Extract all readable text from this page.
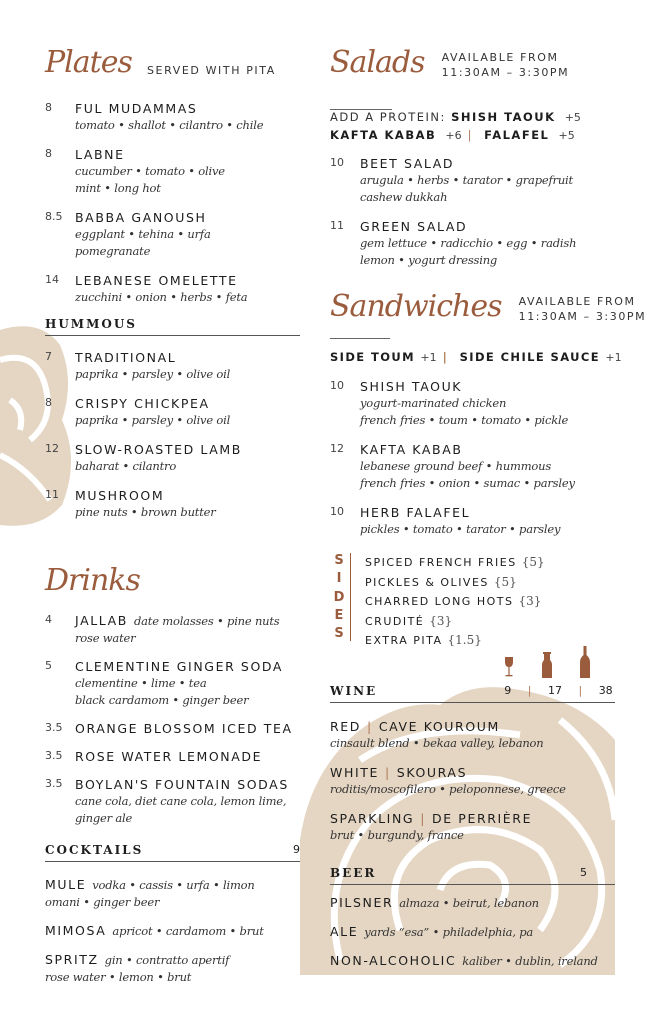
Plates SERVED WITH PITA
8	FUL MUDAMMAS
tomato • shallot • cilantro • chile
8	LABNE
cucumber • tomato • olive
mint • long hot
8.5	BABBA GANOUSH
eggplant • tehina • urfa
pomegranate
14	LEBANESE OMELETTE
zucchini • onion • herbs • feta
HUMMOUS
7	TRADITIONAL
paprika • parsley • olive oil
8	CRISPY CHICKPEA
paprika • parsley • olive oil
12	SLOW-ROASTED LAMB
baharat • cilantro
11	MUSHROOM
pine nuts • brown butter
Drinks
4	JALLAB date molasses • pine nuts
rose water
5	CLEMENTINE GINGER SODA
clementine • lime • tea
black cardamom • ginger beer
3.5	ORANGE BLOSSOM ICED TEA
3.5	ROSE WATER LEMONADE
3.5	BOYLAN'S FOUNTAIN SODAS
cane cola, diet cane cola, lemon lime,
ginger ale
COCKTAILS	9
MULE vodka • cassis • urfa • limon
omani • ginger beer
MIMOSA apricot • cardamom • brut
SPRITZ gin • contratto apertif
rose water • lemon • brut
Salads AVAILABLE FROM
11:30AM – 3:30PM
ADD A PROTEIN: SHISH TAOUK +5
KAFTA KABAB +6 | FALAFEL +5
10	BEET SALAD
arugula • herbs • tarator • grapefruit
cashew dukkah
11	GREEN SALAD
gem lettuce • radicchio • egg • radish
lemon • yogurt dressing
Sandwiches AVAILABLE FROM
11:30AM – 3:30PM
SIDE TOUM +1 | SIDE CHILE SAUCE +1
10	SHISH TAOUK
yogurt-marinated chicken
french fries • toum • tomato • pickle
12	KAFTA KABAB
lebanese ground beef • hummous
french fries • onion • sumac • parsley
10	HERB FALAFEL
pickles • tomato • tarator • parsley
S
I
D
E
S
SPICED FRENCH FRIES {5}
PICKLES & OLIVES {5}
CHARRED LONG HOTS {3}
CRUDITÉ {3}
EXTRA PITA {1.5}
WINE	9 | 17 | 38
RED | CAVE KOUROUM
cinsault blend • bekaa valley, lebanon
WHITE | SKOURAS
roditis/moscofilero • peloponnese, greece
SPARKLING | DE PERRIÈRE
brut • burgundy, france
BEER	5
PILSNER almaza • beirut, lebanon
ALE yards “esa” • philadelphia, pa
NON-ALCOHOLIC kaliber • dublin, ireland
